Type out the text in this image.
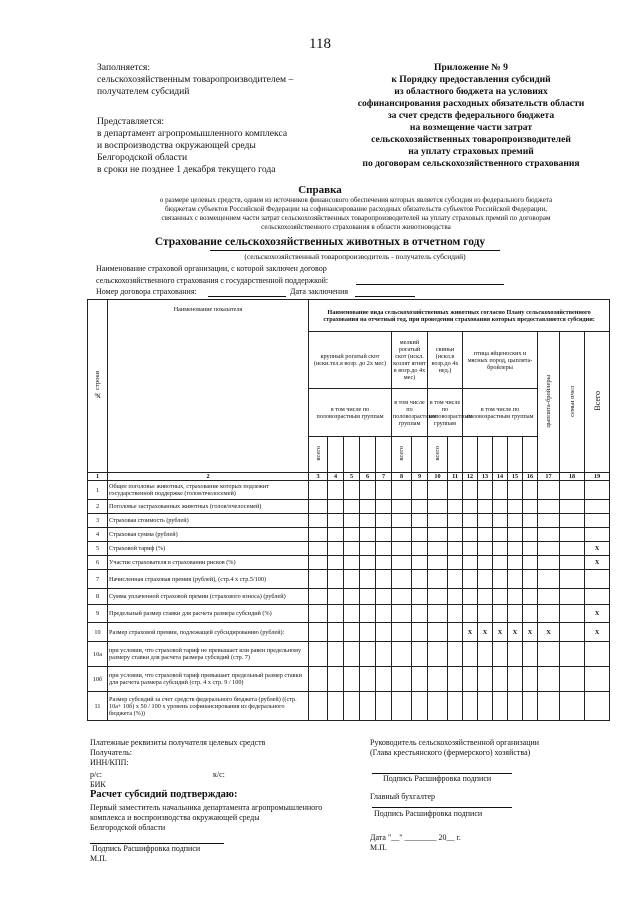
118
Заполняется:
сельскохозяйственным товаропроизводителем –
получателем субсидий
Представляется:
в департамент агропромышленного комплекса
и воспроизводства окружающей среды
Белгородской области
в сроки не позднее 1 декабря текущего года
Приложение № 9
к Порядку предоставления субсидий
из областного бюджета на условиях
софинансирования расходных обязательств области
за счет средств федерального бюджета
на возмещение части затрат
сельскохозяйственных товаропроизводителей
на уплату страховых премий
по договорам сельскохозяйственного страхования
Справка
о размере целевых средств, одним из источников финансового обеспечения которых является субсидия из федерального бюджета
бюджетам субъектов Российской Федерации на софинансирование расходных обязательств субъектов Российской Федерации,
связанных с возмещением части затрат сельскохозяйственных товаропроизводителей на уплату страховых премий по договорам
сельскохозяйственного страхования в области животноводства
Страхование сельскохозяйственных животных в отчетном году
(сельскохозяйственный товаропроизводитель - получатель субсидий)
Наименование страховой организации, с которой заключен договор
сельскохозяйственного страхования с государственной поддержкой:
Номер договора страхования:	Дата заключения
№ строки	Наименование показателя	Наименование вида сельскохозяйственных животных согласно Плану сельскохозяйственного страхования на отчетный год, при проведении страхования которых предоставляются субсидии:																
		крупный рогатый скот (иски.тел.я возр. до 2х мес)					мелкий рогатый скот (искл. козлят ягнят в возр.до 4х мес)		свиньи (искл.в возр.до 4х нед.)		птица яйценоских и мясных пород, цыплята-бройлеры					цыплята-бройлеры	семьи пчел	Всего
		в том числе по половозрастным группам					в том числе по половозрастным группам		в том числе по половозрастным группам		в том числе по половозрастным группам							
		всего					всего		всего									
1	2	3	4	5	6	7	8	9	10	11	12	13	14	15	16	17	18	19
1	Общее поголовье животных, страхование которых подлежит государственной поддержке (голов/пчелосемей)																	
2	Поголовье застрахованных животных (голов/пчелосемей)																	
3	Страховая стоимость (рублей)																	
4	Страховая сумма (рублей)																	
5	Страховой тариф (%)																	X
6	Участие страхователя в страховании рисков (%)																	X
7	Начисленная страховая премия (рублей), (стр.4 х стр.5/100)																	
8	Сумма уплаченной страховой премии (страхового взноса) (рублей)																	
9	Предельный размер ставки для расчета размера субсидий (%)																	X
10	Размер страховой премии, подлежащей субсидированию (рублей):										X	X	X	X	X	X		X
10а	при условии, что страховой тариф не превышает или равен предельному размеру ставки для расчета размера субсидий (стр. 7)																	
10б	при условии, что страховой тариф превышает предельный размер ставки для расчета размера субсидий (стр. 4 х стр. 9 / 100)																	
11	Размер субсидий за счет средств федерального бюджета (рублей) ((стр. 10а+ 10б) х 50 / 100 х уровень софинансирования из федерального бюджета (%))																	
Платежные реквизиты получателя целевых средств
Получатель:
ИНН/КПП:
р/с:	к/с:
БИК
Расчет субсидий подтверждаю:
Первый заместитель начальника департамента агропромышленного
комплекса и воспроизводства окружающей среды
Белгородской области
Подпись Расшифровка подписи
М.П.
Руководитель сельскохозяйственной организации
(Глава крестьянского (фермерского) хозяйства)
Подпись Расшифровка подписи
Главный бухгалтер
Подпись Расшифровка подписи
Дата "__" ________ 20__ г.
М.П.
